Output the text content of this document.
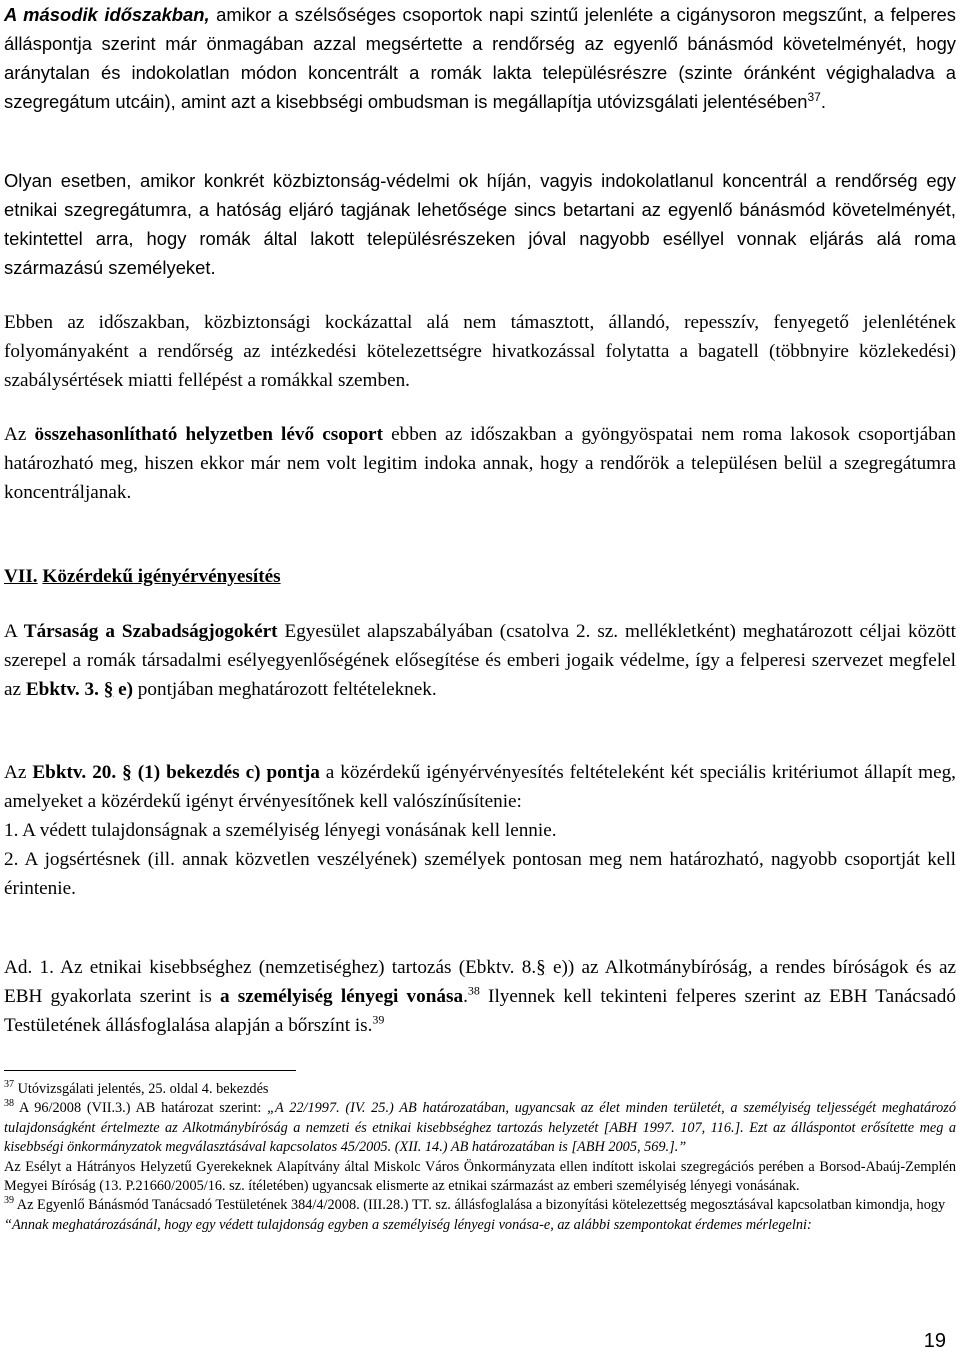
A második időszakban, amikor a szélsőséges csoportok napi szintű jelenléte a cigánysoron megszűnt, a felperes álláspontja szerint már önmagában azzal megsértette a rendőrség az egyenlő bánásmód követelményét, hogy aránytalan és indokolatlan módon koncentrált a romák lakta településrészre (szinte óránként végighaladva a szegregátum utcáin), amint azt a kisebbségi ombudsman is megállapítja utóvizsgálati jelentésében$^{37}$.

Olyan esetben, amikor konkrét közbiztonság-védelmi ok híján, vagyis indokolatlanul koncentrál a rendőrség egy etnikai szegregátumra, a hatóság eljáró tagjának lehetősége sincs betartani az egyenlő bánásmód követelményét, tekintettel arra, hogy romák által lakott településrészeken jóval nagyobb eséllyel vonnak eljárás alá roma származású személyeket.

Ebben az időszakban, közbiztonsági kockázattal alá nem támasztott, állandó, repesszív, fenyegető jelenlétének folyományaként a rendőrség az intézkedési kötelezettségre hivatkozással folytatta a bagatell (többnyire közlekedési) szabálysértések miatti fellépést a romákkal szemben.

Az összehasonlítható helyzetben lévő csoport ebben az időszakban a gyöngyöspatai nem roma lakosok csoportjában határozható meg, hiszen ekkor már nem volt legitim indoka annak, hogy a rendőrök a településen belül a szegregátumra koncentráljanak.

VII. Közérdekű igényérvényesítés

A Társaság a Szabadságjogokért Egyesület alapszabályában (csatolva 2. sz. mellékletként) meghatározott céljai között szerepel a romák társadalmi esélyegyenlőségének elősegítése és emberi jogaik védelme, így a felperesi szervezet megfelel az Ebktv. 3. § e) pontjában meghatározott feltételeknek.

Az Ebktv. 20. § (1) bekezdés c) pontja a közérdekű igényérvényesítés feltételeként két speciális kritériumot állapít meg, amelyeket a közérdekű igényt érvényesítőnek kell valószínűsítenie:

1. A védett tulajdonságnak a személyiség lényegi vonásának kell lennie.

2. A jogsértésnek (ill. annak közvetlen veszélyének) személyek pontosan meg nem határozható, nagyobb csoportját kell érintenie.

Ad. 1. Az etnikai kisebbséghez (nemzetiséghez) tartozás (Ebktv. 8.§ e)) az Alkotmánybíróság, a rendes bíróságok és az EBH gyakorlata szerint is a személyiség lényegi vonása.$^{38}$ Ilyennek kell tekinteni felperes szerint az EBH Tanácsadó Testületének állásfoglalása alapján a bőrszínt is.$^{39}$

$^{37}$ Utóvizsgálati jelentés, 25. oldal 4. bekezdés

$^{38}$ A 96/2008 (VII.3.) AB határozat szerint: „A 22/1997. (IV. 25.) AB határozatában, ugyancsak az élet minden területét, a személyiség teljességét meghatározó tulajdonságként értelmezte az Alkotmánybíróság a nemzeti és etnikai kisebbséghez tartozás helyzetét [ABH 1997. 107, 116.]. Ezt az álláspontot erősítette meg a kisebbségi önkormányzatok megválasztásával kapcsolatos 45/2005. (XII. 14.) AB határozatában is [ABH 2005, 569.].”

Az Esélyt a Hátrányos Helyzetű Gyerekeknek Alapítvány által Miskolc Város Önkormányzata ellen indított iskolai szegregációs perében a Borsod-Abaúj-Zemplén Megyei Bíróság (13. P.21660/2005/16. sz. ítéletében) ugyancsak elismerte az etnikai származást az emberi személyiség lényegi vonásának.

$^{39}$ Az Egyenlő Bánásmód Tanácsadó Testületének 384/4/2008. (III.28.) TT. sz. állásfoglalása a bizonyítási kötelezettség megosztásával kapcsolatban kimondja, hogy

“Annak meghatározásánál, hogy egy védett tulajdonság egyben a személyiség lényegi vonása-e, az alábbi szempontokat érdemes mérlegelni:

19
